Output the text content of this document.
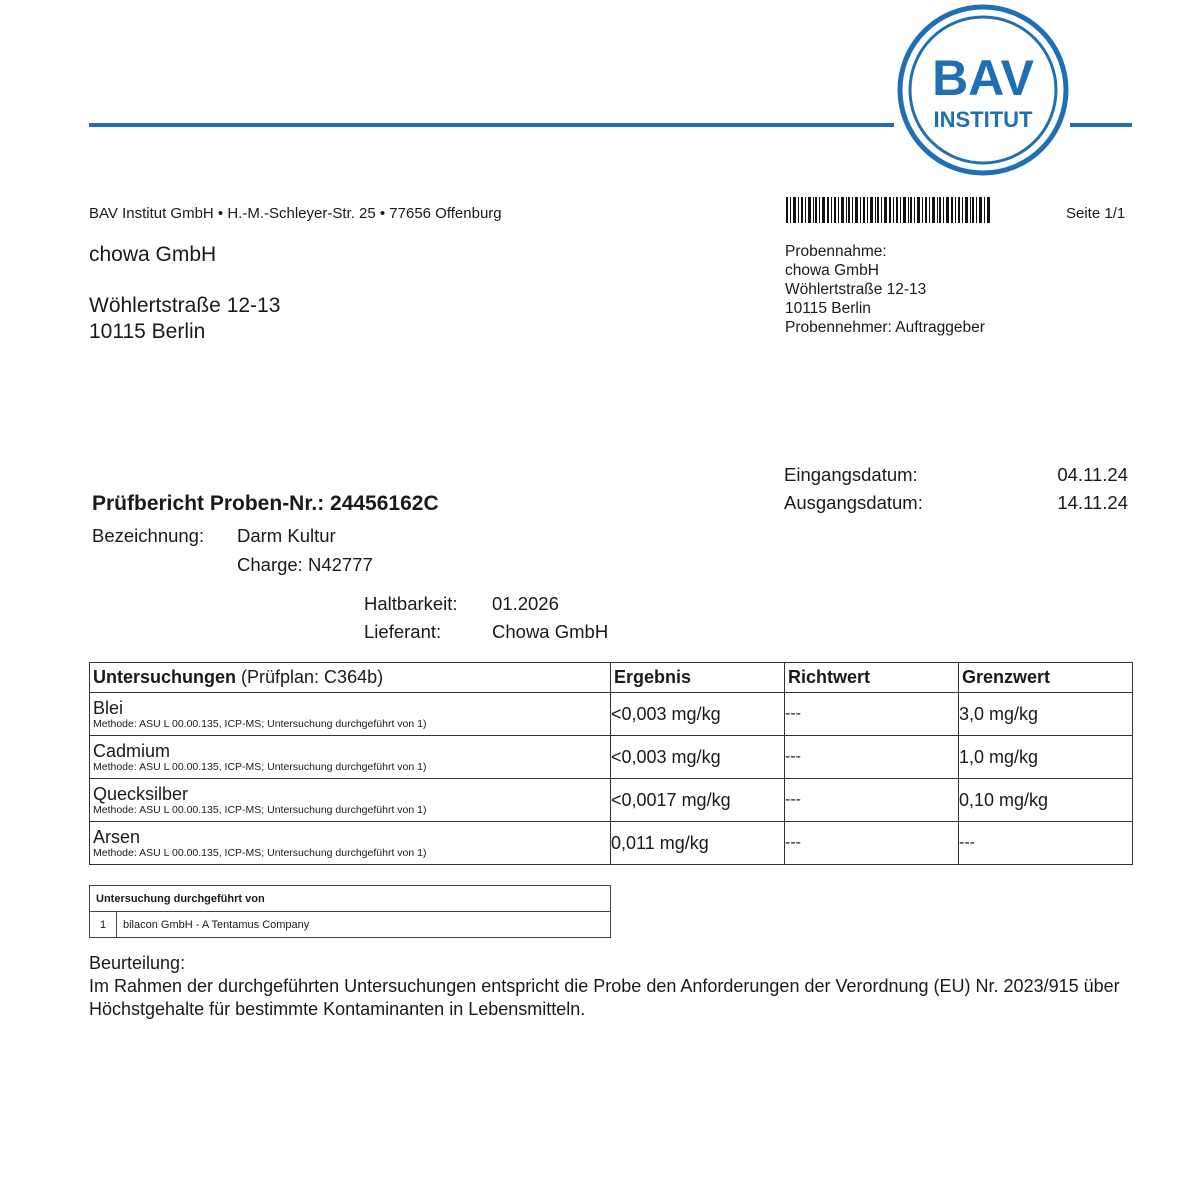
BAV
INSTITUT
BAV Institut GmbH • H.-M.-Schleyer-Str. 25 • 77656 Offenburg
chowa GmbH
Wöhlertstraße 12-13
10115 Berlin
Seite 1/1
Probennahme:
chowa GmbH
Wöhlertstraße 12-13
10115 Berlin
Probennehmer: Auftraggeber
Eingangsdatum:	04.11.24
Ausgangsdatum:	14.11.24
Prüfbericht Proben-Nr.: 24456162C
Bezeichnung: Darm Kultur
Charge: N42777
Haltbarkeit: 01.2026
Lieferant:	Chowa GmbH
Untersuchungen (Prüfplan: C364b)	Ergebnis	Richtwert	Grenzwert

Blei
Methode: ASU L 00.00.135, ICP-MS; Untersuchung durchgeführt von 1)	<0,003 mg/kg	---	3,0 mg/kg

Cadmium
Methode: ASU L 00.00.135, ICP-MS; Untersuchung durchgeführt von 1)	<0,003 mg/kg	---	1,0 mg/kg

Quecksilber
Methode: ASU L 00.00.135, ICP-MS; Untersuchung durchgeführt von 1)	<0,0017 mg/kg	---	0,10 mg/kg

Arsen
Methode: ASU L 00.00.135, ICP-MS; Untersuchung durchgeführt von 1)	0,011 mg/kg	---	---
Untersuchung durchgeführt von
1	bilacon GmbH - A Tentamus Company
Beurteilung:
Im Rahmen der durchgeführten Untersuchungen entspricht die Probe den Anforderungen der Verordnung (EU) Nr. 2023/915 über Höchstgehalte für bestimmte Kontaminanten in Lebensmitteln.
